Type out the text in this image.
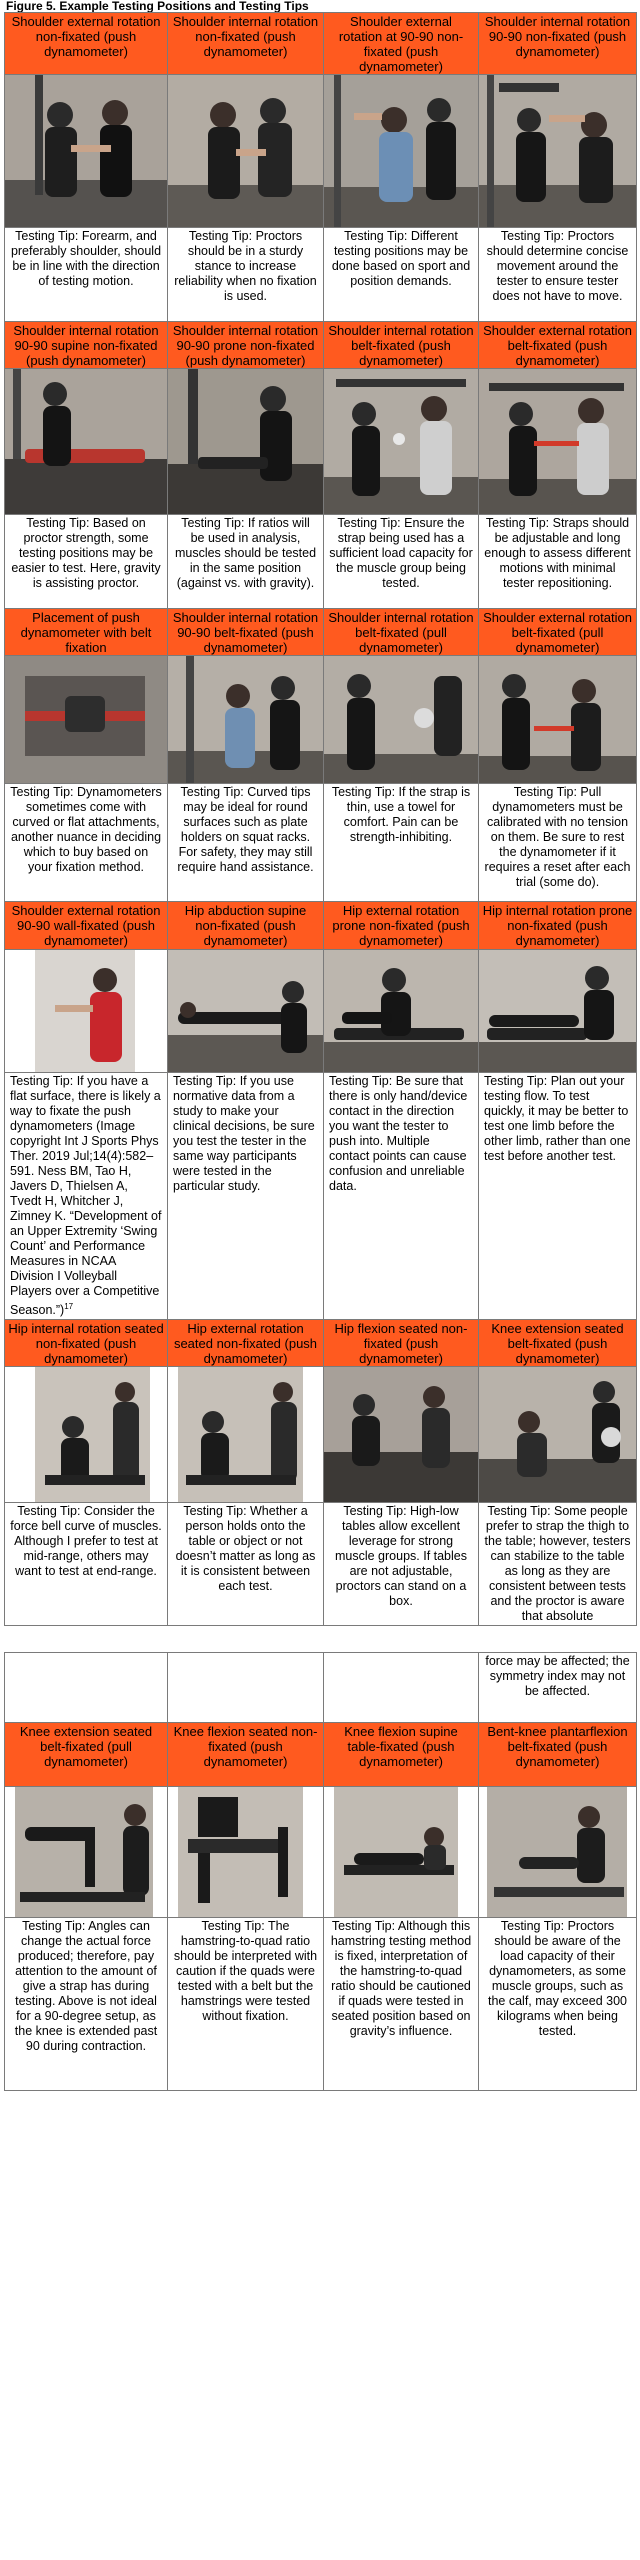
Figure 5. Example Testing Positions and Testing Tips
Shoulder external rotation non-fixated (push dynamometer)	Shoulder internal rotation non-fixated (push dynamometer)	Shoulder external rotation at 90-90 non-fixated (push dynamometer)	Shoulder internal rotation 90-90 non-fixated (push dynamometer)

Testing Tip: Forearm, and preferably shoulder, should be in line with the direction of testing motion.	Testing Tip: Proctors should be in a sturdy stance to increase reliability when no fixation is used.	Testing Tip: Different testing positions may be done based on sport and position demands.	Testing Tip: Proctors should determine concise movement around the tester to ensure tester does not have to move.

Shoulder internal rotation 90-90 supine non-fixated (push dynamometer)	Shoulder internal rotation 90-90 prone non-fixated (push dynamometer)	Shoulder internal rotation belt-fixated (push dynamometer)	Shoulder external rotation belt-fixated (push dynamometer)

Testing Tip: Based on proctor strength, some testing positions may be easier to test. Here, gravity is assisting proctor.	Testing Tip: If ratios will be used in analysis, muscles should be tested in the same position (against vs. with gravity).	Testing Tip: Ensure the strap being used has a sufficient load capacity for the muscle group being tested.	Testing Tip: Straps should be adjustable and long enough to assess different motions with minimal tester repositioning.

Placement of push dynamometer with belt fixation	Shoulder internal rotation 90-90 belt-fixated (push dynamometer)	Shoulder internal rotation belt-fixated (pull dynamometer)	Shoulder external rotation belt-fixated (pull dynamometer)

Testing Tip: Dynamometers sometimes come with curved or flat attachments, another nuance in deciding which to buy based on your fixation method.	Testing Tip: Curved tips may be ideal for round surfaces such as plate holders on squat racks. For safety, they may still require hand assistance.	Testing Tip: If the strap is thin, use a towel for comfort. Pain can be strength-inhibiting.	Testing Tip: Pull dynamometers must be calibrated with no tension on them. Be sure to rest the dynamometer if it requires a reset after each trial (some do).

Shoulder external rotation 90-90 wall-fixated (push dynamometer)	Hip abduction supine non-fixated (push dynamometer)	Hip external rotation prone non-fixated (push dynamometer)	Hip internal rotation prone non-fixated (push dynamometer)

Testing Tip: If you have a flat surface, there is likely a way to fixate the push dynamometers (Image copyright Int J Sports Phys Ther. 2019 Jul;14(4):582–591. Ness BM, Tao H, Javers D, Thielsen A, Tvedt H, Whitcher J, Zimney K. “Development of an Upper Extremity ‘Swing Count’ and Performance Measures in NCAA Division I Volleyball Players over a Competitive Season.”)$^{17}$	Testing Tip: If you use normative data from a study to make your clinical decisions, be sure you test the tester in the same way participants were tested in the particular study.	Testing Tip: Be sure that there is only hand/device contact in the direction you want the tester to push into. Multiple contact points can cause confusion and unreliable data.	Testing Tip: Plan out your testing flow. To test quickly, it may be better to test one limb before the other limb, rather than one test before another test.

Hip internal rotation seated non-fixated (push dynamometer)	Hip external rotation seated non-fixated (push dynamometer)	Hip flexion seated non-fixated (push dynamometer)	Knee extension seated belt-fixated (push dynamometer)

Testing Tip: Consider the force bell curve of muscles. Although I prefer to test at mid-range, others may want to test at end-range.	Testing Tip: Whether a person holds onto the table or object or not doesn’t matter as long as it is consistent between each test.	Testing Tip: High-low tables allow excellent leverage for strong muscle groups. If tables are not adjustable, proctors can stand on a box.	Testing Tip: Some people prefer to strap the thigh to the table; however, testers can stabilize to the table as long as they are consistent between tests and the proctor is aware that absolute

			force may be affected; the symmetry index may not be affected.

Knee extension seated belt-fixated (pull dynamometer)	Knee flexion seated non-fixated (push dynamometer)	Knee flexion supine table-fixated (push dynamometer)	Bent-knee plantarflexion belt-fixated (push dynamometer)

Testing Tip: Angles can change the actual force produced; therefore, pay attention to the amount of give a strap has during testing. Above is not ideal for a 90-degree setup, as the knee is extended past 90 during contraction.	Testing Tip: The hamstring-to-quad ratio should be interpreted with caution if the quads were tested with a belt but the hamstrings were tested without fixation.	Testing Tip: Although this hamstring testing method is fixed, interpretation of the hamstring-to-quad ratio should be cautioned if quads were tested in seated position based on gravity’s influence.	Testing Tip: Proctors should be aware of the load capacity of their dynamometers, as some muscle groups, such as the calf, may exceed 300 kilograms when being tested.
